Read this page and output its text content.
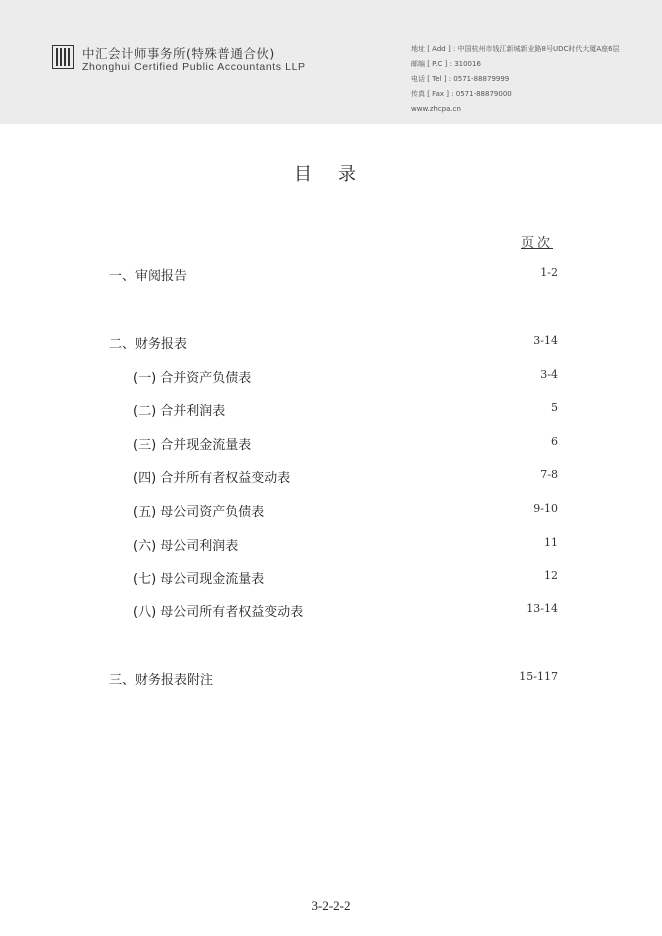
中汇会计师事务所(特殊普通合伙)
Zhonghui Certified Public Accountants LLP
地址 [ Add ] : 中国杭州市钱江新城新业路8号UDC时代大厦A座6层
邮编 [ P.C ] : 310016
电话 [ Tel ] : 0571-88879999
传真 [ Fax ] : 0571-88879000
www.zhcpa.cn
目录
页次
一、审阅报告	1-2
二、财务报表	3-14
(一) 合并资产负债表	3-4
(二) 合并利润表	5
(三) 合并现金流量表	6
(四) 合并所有者权益变动表	7-8
(五) 母公司资产负债表	9-10
(六) 母公司利润表	11
(七) 母公司现金流量表	12
(八) 母公司所有者权益变动表	13-14
三、财务报表附注	15-117
3-2-2-2
